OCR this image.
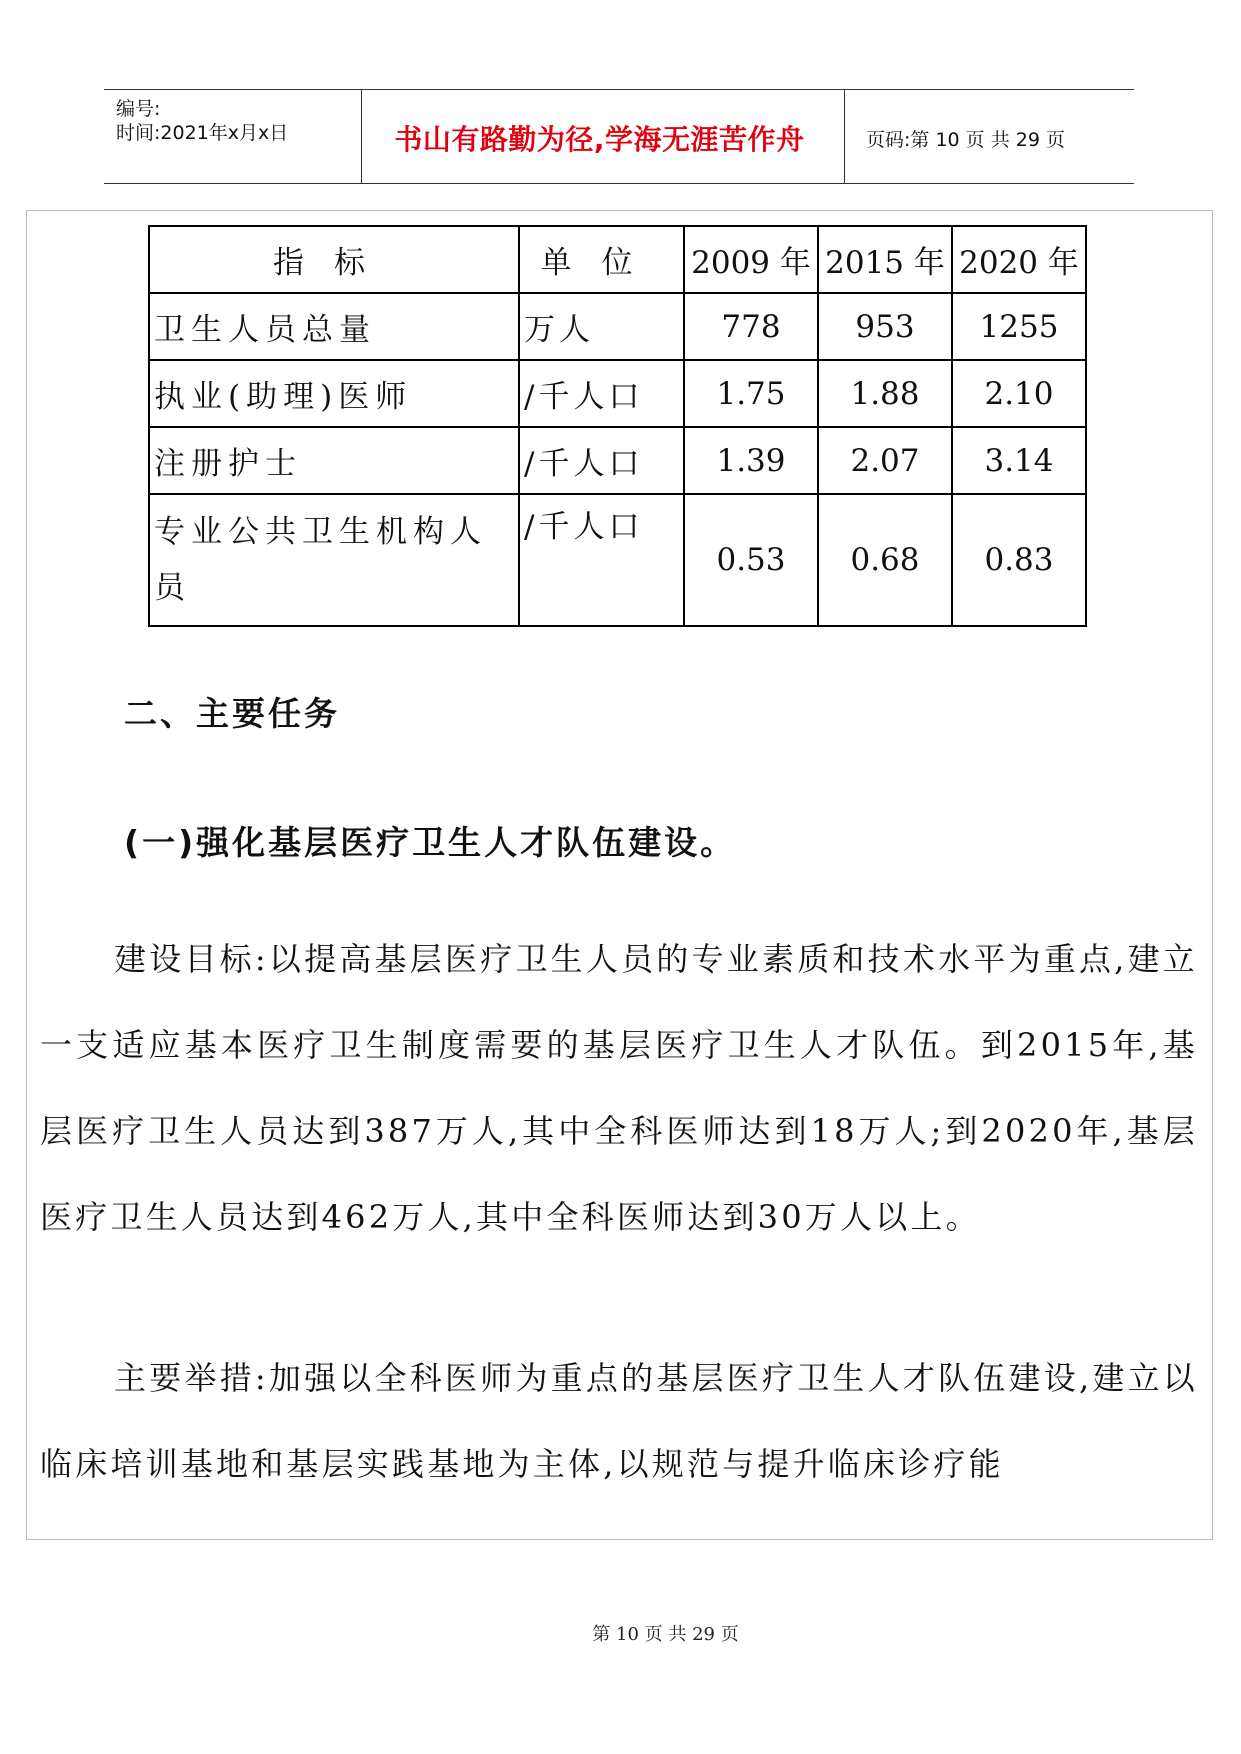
编号:
时间:2021年x月x日	书山有路勤为径,学海无涯苦作舟	页码:第 10 页 共 29 页
指标	单位	2009 年	2015 年	2020 年
卫生人员总量	万人	778	953	1255
执业(助理)医师	/千人口	1.75	1.88	2.10
注册护士	/千人口	1.39	2.07	3.14
专业公共卫生机构人员	/千人口	0.53	0.68	0.83
二、主要任务
(一)强化基层医疗卫生人才队伍建设。
建设目标:以提高基层医疗卫生人员的专业素质和技术水平为重点,建立一支适应基本医疗卫生制度需要的基层医疗卫生人才队伍。到2015年,基层医疗卫生人员达到387万人,其中全科医师达到18万人;到2020年,基层医疗卫生人员达到462万人,其中全科医师达到30万人以上。
主要举措:加强以全科医师为重点的基层医疗卫生人才队伍建设,建立以临床培训基地和基层实践基地为主体,以规范与提升临床诊疗能
第 10 页 共 29 页
